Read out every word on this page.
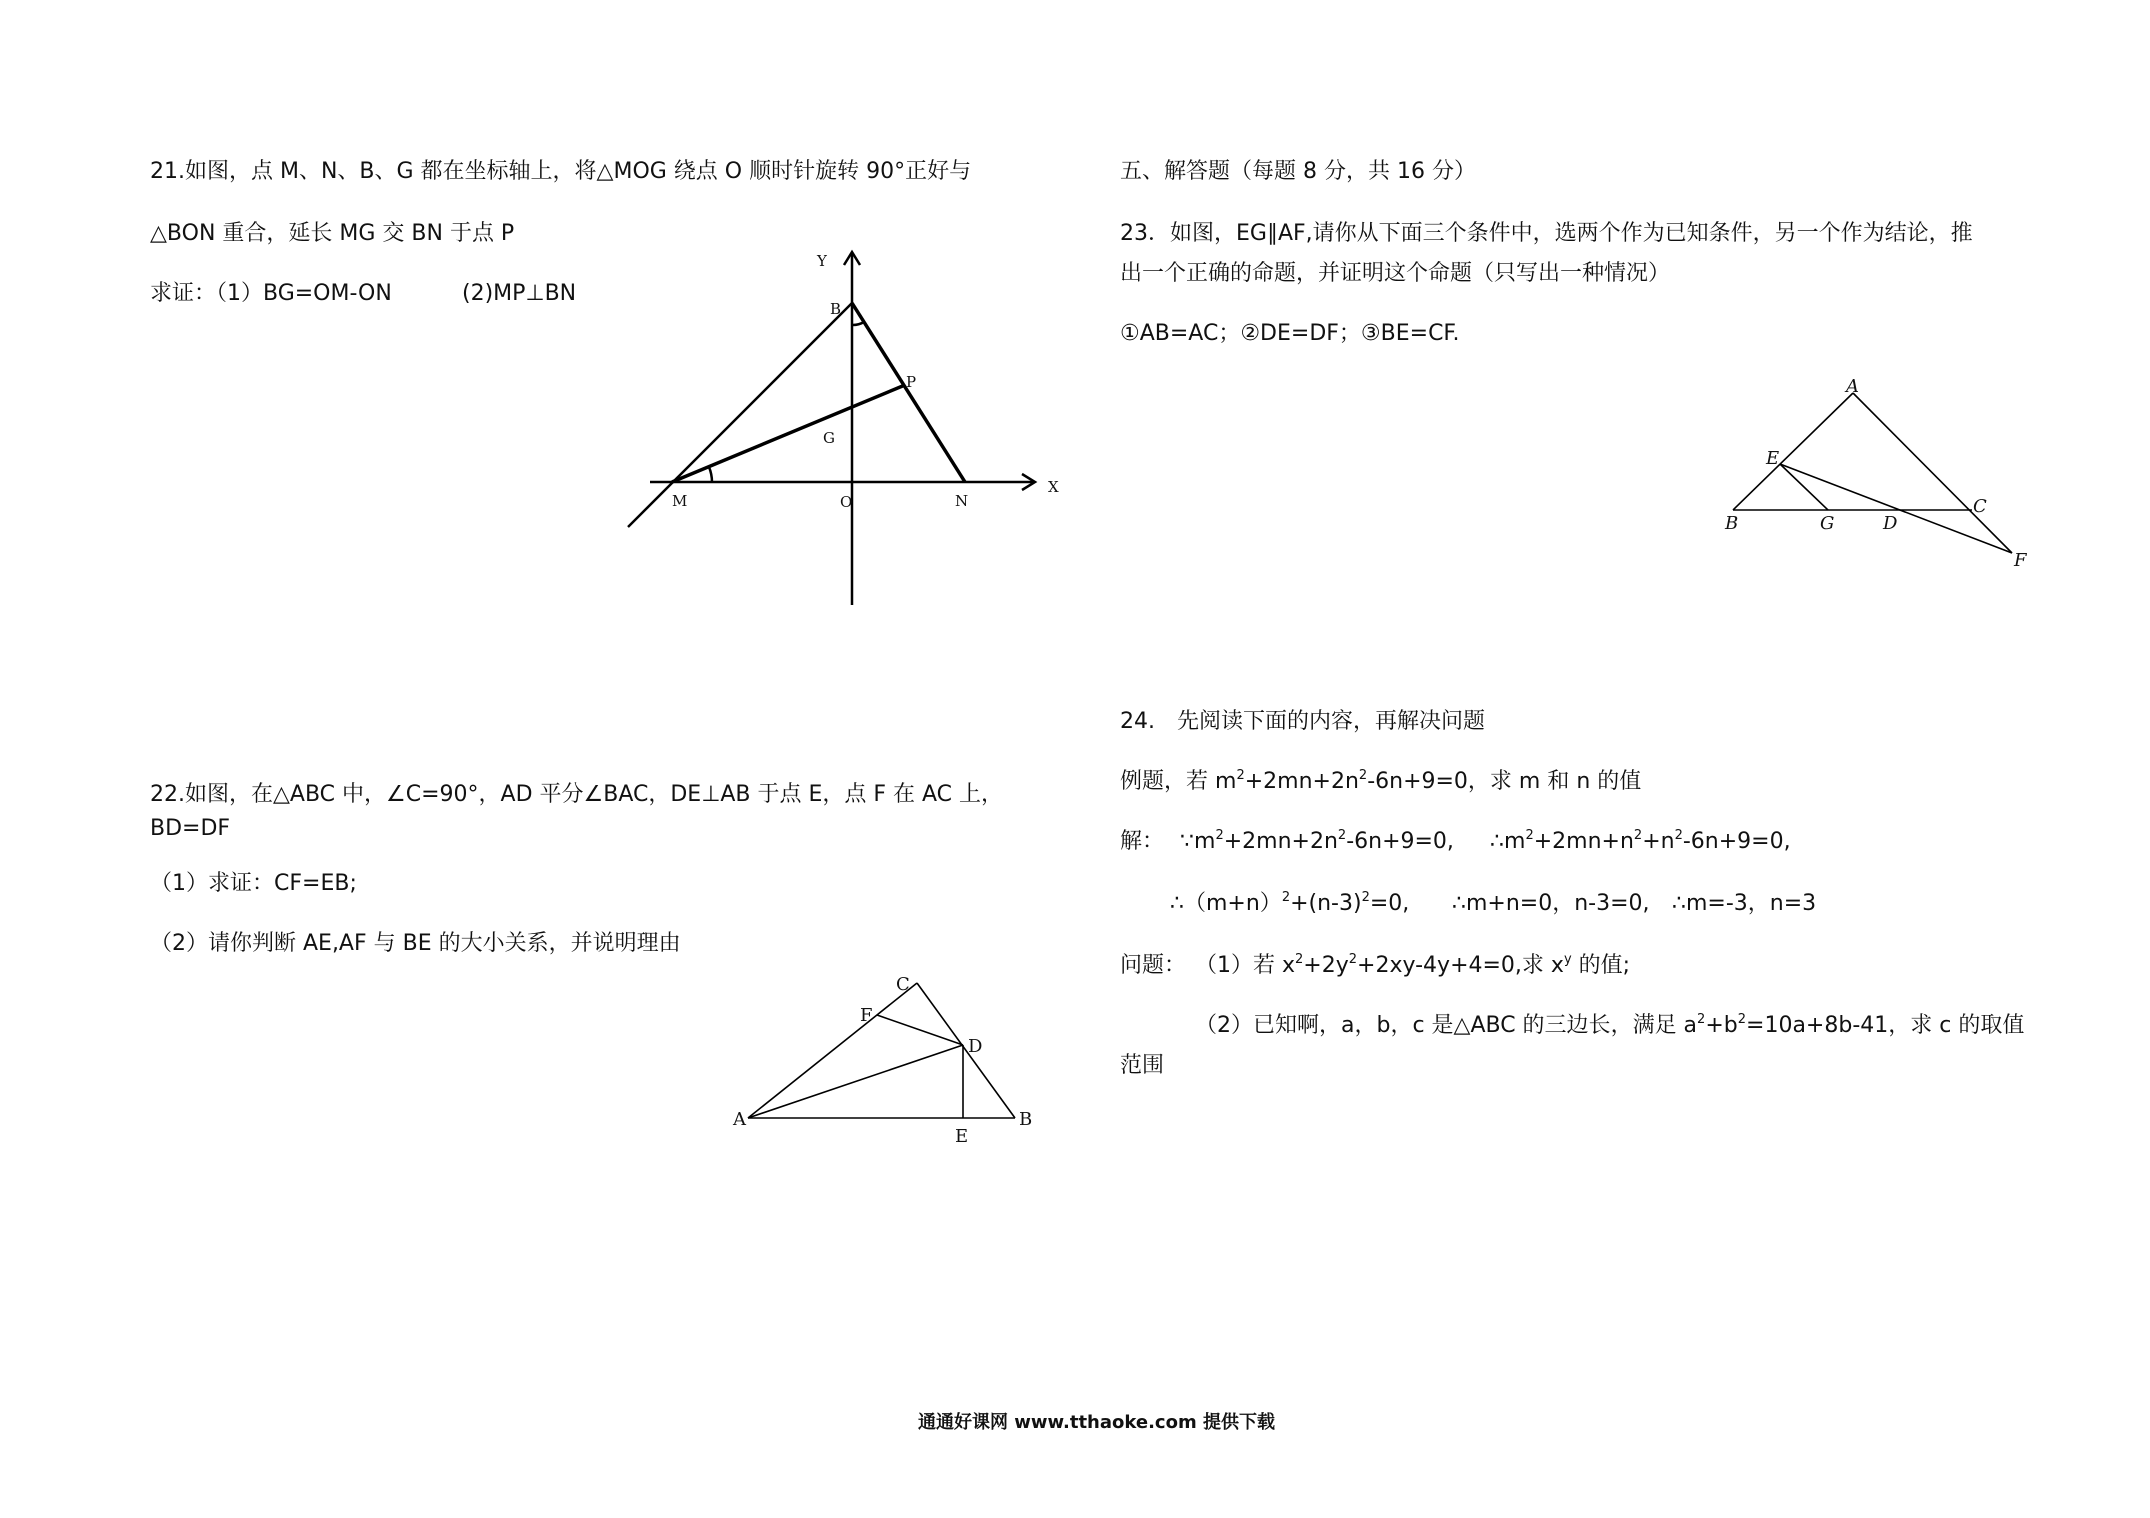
21.如图，点 M、N、B、G 都在坐标轴上，将△MOG 绕点 O 顺时针旋转 90°正好与
△BON 重合，延长 MG 交 BN 于点 P
求证：（1）BG=OM-ON	(2)MP⊥BN
22.如图，在△ABC 中，∠C=90°，AD 平分∠BAC，DE⊥AB 于点 E，点 F 在 AC 上，
BD=DF
（1）求证：CF=EB;
（2）请你判断 AE,AF 与 BE 的大小关系，并说明理由
五、解答题（每题 8 分，共 16 分）
23．如图，EG∥AF,请你从下面三个条件中，选两个作为已知条件，另一个作为结论，推
出一个正确的命题，并证明这个命题（只写出一种情况）
①AB=AC；②DE=DF；③BE=CF.
24.　先阅读下面的内容，再解决问题
例题，若 $m^2+2mn+2n^2-6n+9=0$，求 m 和 n 的值
解： $\because m^2+2mn+2n^2-6n+9=0$, $\therefore m^2+2mn+n^2+n^2-6n+9=0$,
$\therefore(m+n)^2+(n-3)^2=0$, ∴m+n=0，n-3=0, ∴m=-3，n=3
问题： （1）若 $x^2+2y^2+2xy-4y+4=0$,求 $x^y$ 的值;
（2）已知啊，a，b，c 是△ABC 的三边长，满足 $a^2+b^2=10a+8b-41$，求 c 的取值
范围
通通好课网 www.tthaoke.com 提供下载
Y
B
P
G
M	O	N
X
C
F
D
A
E
B
A
E
C
B	G	D
F
